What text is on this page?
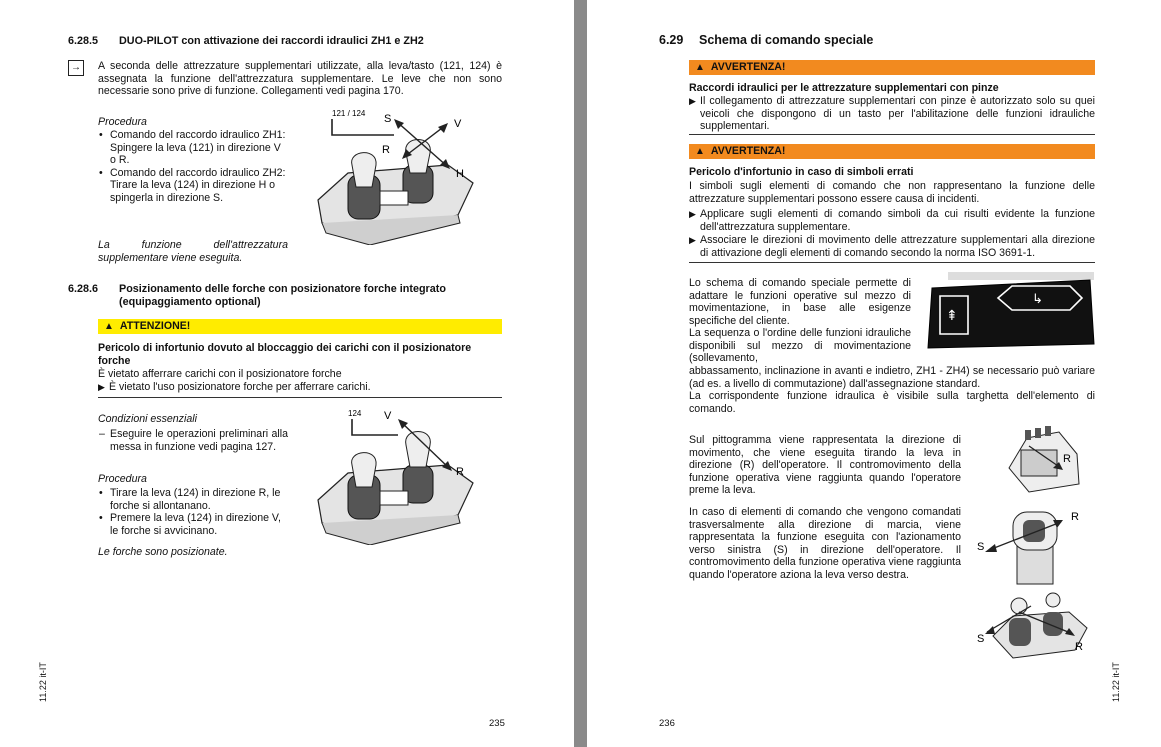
6.28.5 DUO-PILOT con attivazione dei raccordi idraulici ZH1 e ZH2
→ A seconda delle attrezzature supplementari utilizzate, alla leva/tasto (121, 124) è assegnata la funzione dell'attrezzatura supplementare. Le leve che non sono necessarie sono prive di funzione. Collegamenti vedi pagina 170.
Procedura
• Comando del raccordo idraulico ZH1:
Spingere la leva (121) in direzione V o R.
• Comando del raccordo idraulico ZH2:
Tirare la leva (124) in direzione H o spingerla in direzione S.
La funzione dell'attrezzatura supplementare viene eseguita.
121 / 124 S	V
R
H
6.28.6 Posizionamento delle forche con posizionatore forche integrato (equipaggiamento optional)
▲ ATTENZIONE!
Pericolo di infortunio dovuto al bloccaggio dei carichi con il posizionatore forche
È vietato afferrare carichi con il posizionatore forche
▶ È vietato l'uso posizionatore forche per afferrare carichi.
Condizioni essenziali
– Eseguire le operazioni preliminari alla messa in funzione vedi pagina 127.
Procedura
• Tirare la leva (124) in direzione R, le forche si allontanano.
• Premere la leva (124) in direzione V, le forche si avvicinano.
Le forche sono posizionate.
124 V
R
11.22 it-IT
235
6.29 Schema di comando speciale
▲ AVVERTENZA!
Raccordi idraulici per le attrezzature supplementari con pinze
▶ Il collegamento di attrezzature supplementari con pinze è autorizzato solo su quei veicoli che dispongono di un tasto per l'abilitazione delle funzioni idrauliche supplementari.
▲ AVVERTENZA!
Pericolo d'infortunio in caso di simboli errati
I simboli sugli elementi di comando che non rappresentano la funzione delle attrezzature supplementari possono essere causa di incidenti.
▶ Applicare sugli elementi di comando simboli da cui risulti evidente la funzione dell'attrezzatura supplementare.
▶ Associare le direzioni di movimento delle attrezzature supplementari alla direzione di attivazione degli elementi di comando secondo la norma ISO 3691-1.
Lo schema di comando speciale permette di adattare le funzioni operative sul mezzo di movimentazione, in base alle esigenze specifiche del cliente.
La sequenza o l'ordine delle funzioni idrauliche disponibili sul mezzo di movimentazione (sollevamento,
abbassamento, inclinazione in avanti e indietro, ZH1 - ZH4) se necessario può variare (ad es. a livello di commutazione) dall'assegnazione standard.
La corrispondente funzione idraulica è visibile sulla targhetta dell'elemento di comando.
⇞
↳
Sul pittogramma viene rappresentata la direzione di movimento, che viene eseguita tirando la leva in direzione (R) dell'operatore. Il contromovimento della funzione operativa viene raggiunta quando l'operatore preme la leva.
In caso di elementi di comando che vengono comandati trasversalmente alla direzione di marcia, viene rappresentata la funzione eseguita con l'azionamento verso sinistra (S) in direzione dell'operatore. Il contromovimento della funzione operativa viene raggiunta quando l'operatore aziona la leva verso destra.
R
R
S
S
R
236
11.22 it-IT
